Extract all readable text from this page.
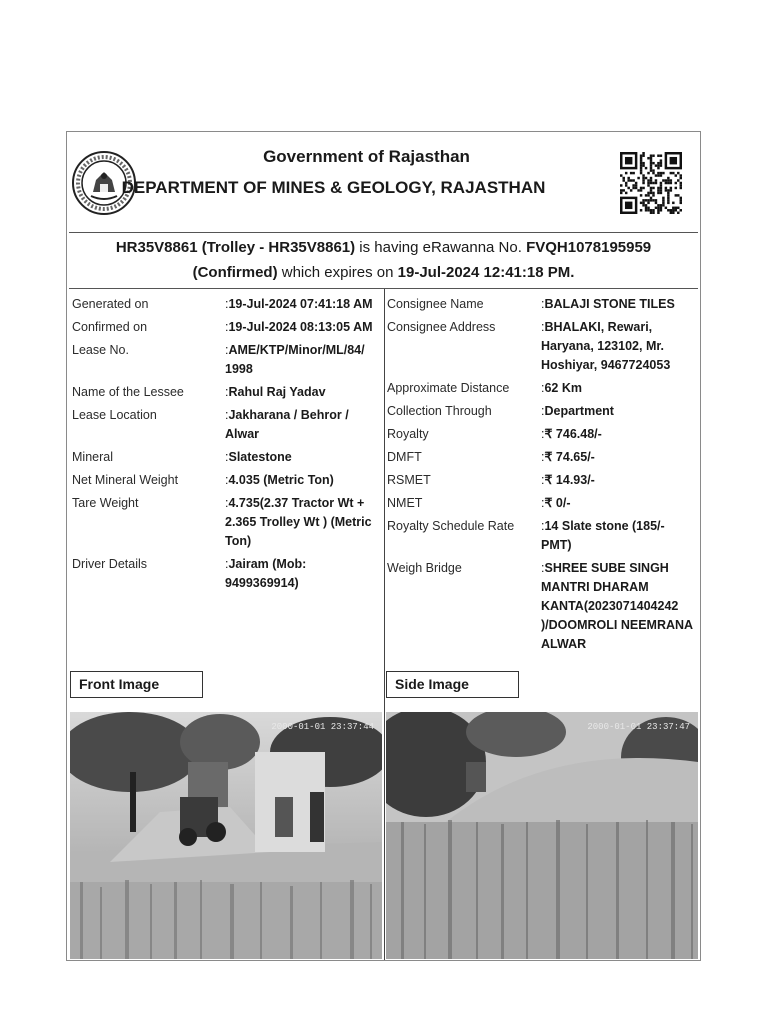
Government of Rajasthan
DEPARTMENT OF MINES & GEOLOGY, RAJASTHAN
HR35V8861 (Trolley - HR35V8861) is having eRawanna No. FVQH1078195959
(Confirmed) which expires on 19-Jul-2024 12:41:18 PM.
Generated on	: 19-Jul-2024 07:41:18 AM
Confirmed on	: 19-Jul-2024 08:13:05 AM
Lease No.	: AME/KTP/Minor/ML/84/ 1998
Name of the Lessee	: Rahul Raj Yadav
Lease Location	: Jakharana / Behror / Alwar
Mineral	: Slatestone
Net Mineral Weight	: 4.035 (Metric Ton)
Tare Weight	: 4.735(2.37 Tractor Wt + 2.365 Trolley Wt ) (Metric Ton)
Driver Details	: Jairam (Mob: 9499369914)
Consignee Name	: BALAJI STONE TILES
Consignee Address	: BHALAKI, Rewari, Haryana, 123102, Mr. Hoshiyar, 9467724053
Approximate Distance	: 62 Km
Collection Through	: Department
Royalty	: ₹ 746.48/-
DMFT	: ₹ 74.65/-
RSMET	: ₹ 14.93/-
NMET	: ₹ 0/-
Royalty Schedule Rate	: 14 Slate stone (185/- PMT)
Weigh Bridge	: SHREE SUBE SINGH MANTRI DHARAM KANTA(2023071404242 )/DOOMROLI NEEMRANA ALWAR
Front Image	Side Image
2000-01-01 23:37:44	2000-01-01 23:37:47
